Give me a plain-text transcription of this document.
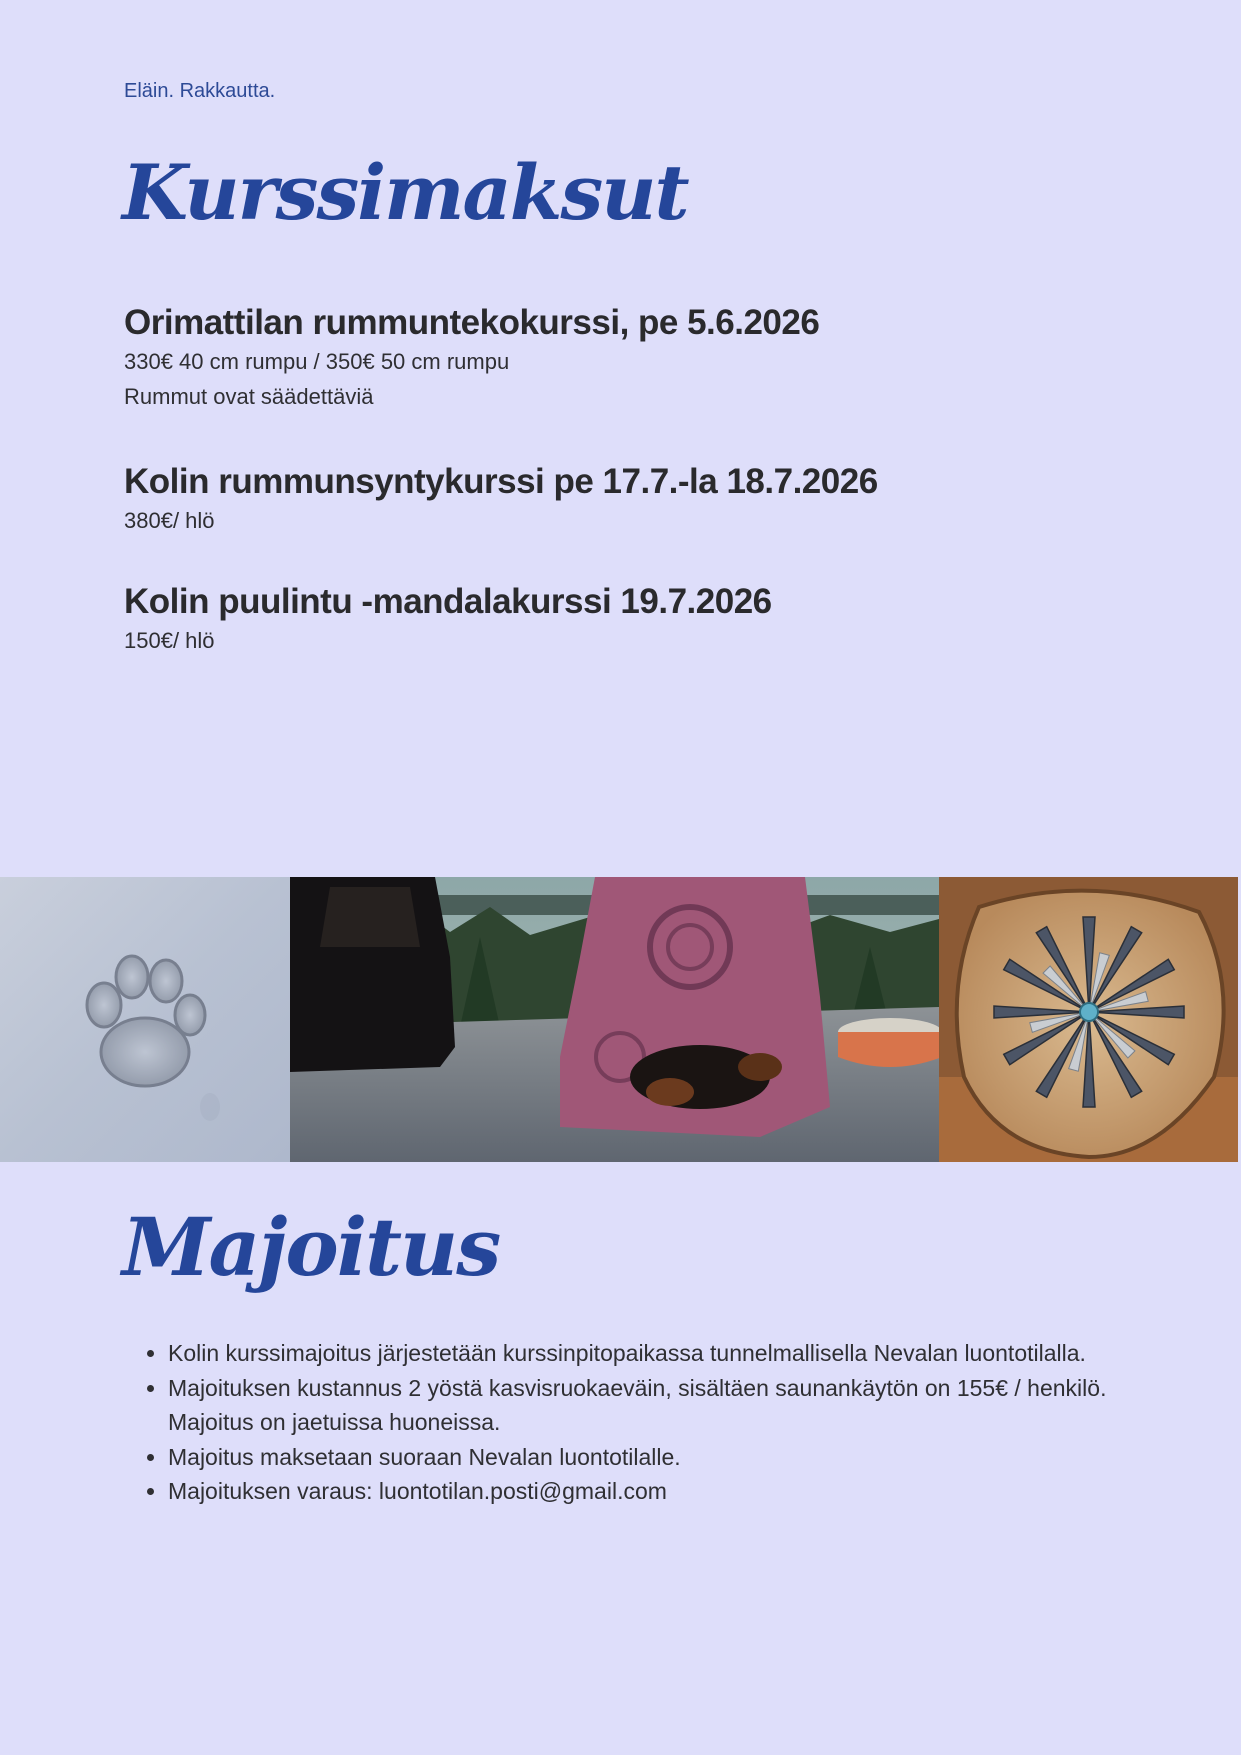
Eläin. Rakkautta.
Kurssimaksut
Orimattilan rummuntekokurssi, pe 5.6.2026

330€ 40 cm rumpu / 350€ 50 cm rumpu

Rummut ovat säädettäviä

Kolin rummunsyntykurssi pe 17.7.-la 18.7.2026

380€/ hlö

Kolin puulintu -mandalakurssi 19.7.2026

150€/ hlö

Majoitus
• Kolin kurssimajoitus järjestetään kurssinpitopaikassa tunnelmallisella Nevalan luontotilalla.
• Majoituksen kustannus 2 yöstä kasvisruokaeväin, sisältäen saunankäytön on 155€ / henkilö. Majoitus on jaetuissa huoneissa.
• Majoitus maksetaan suoraan Nevalan luontotilalle.
• Majoituksen varaus: luontotilan.posti@gmail.com
